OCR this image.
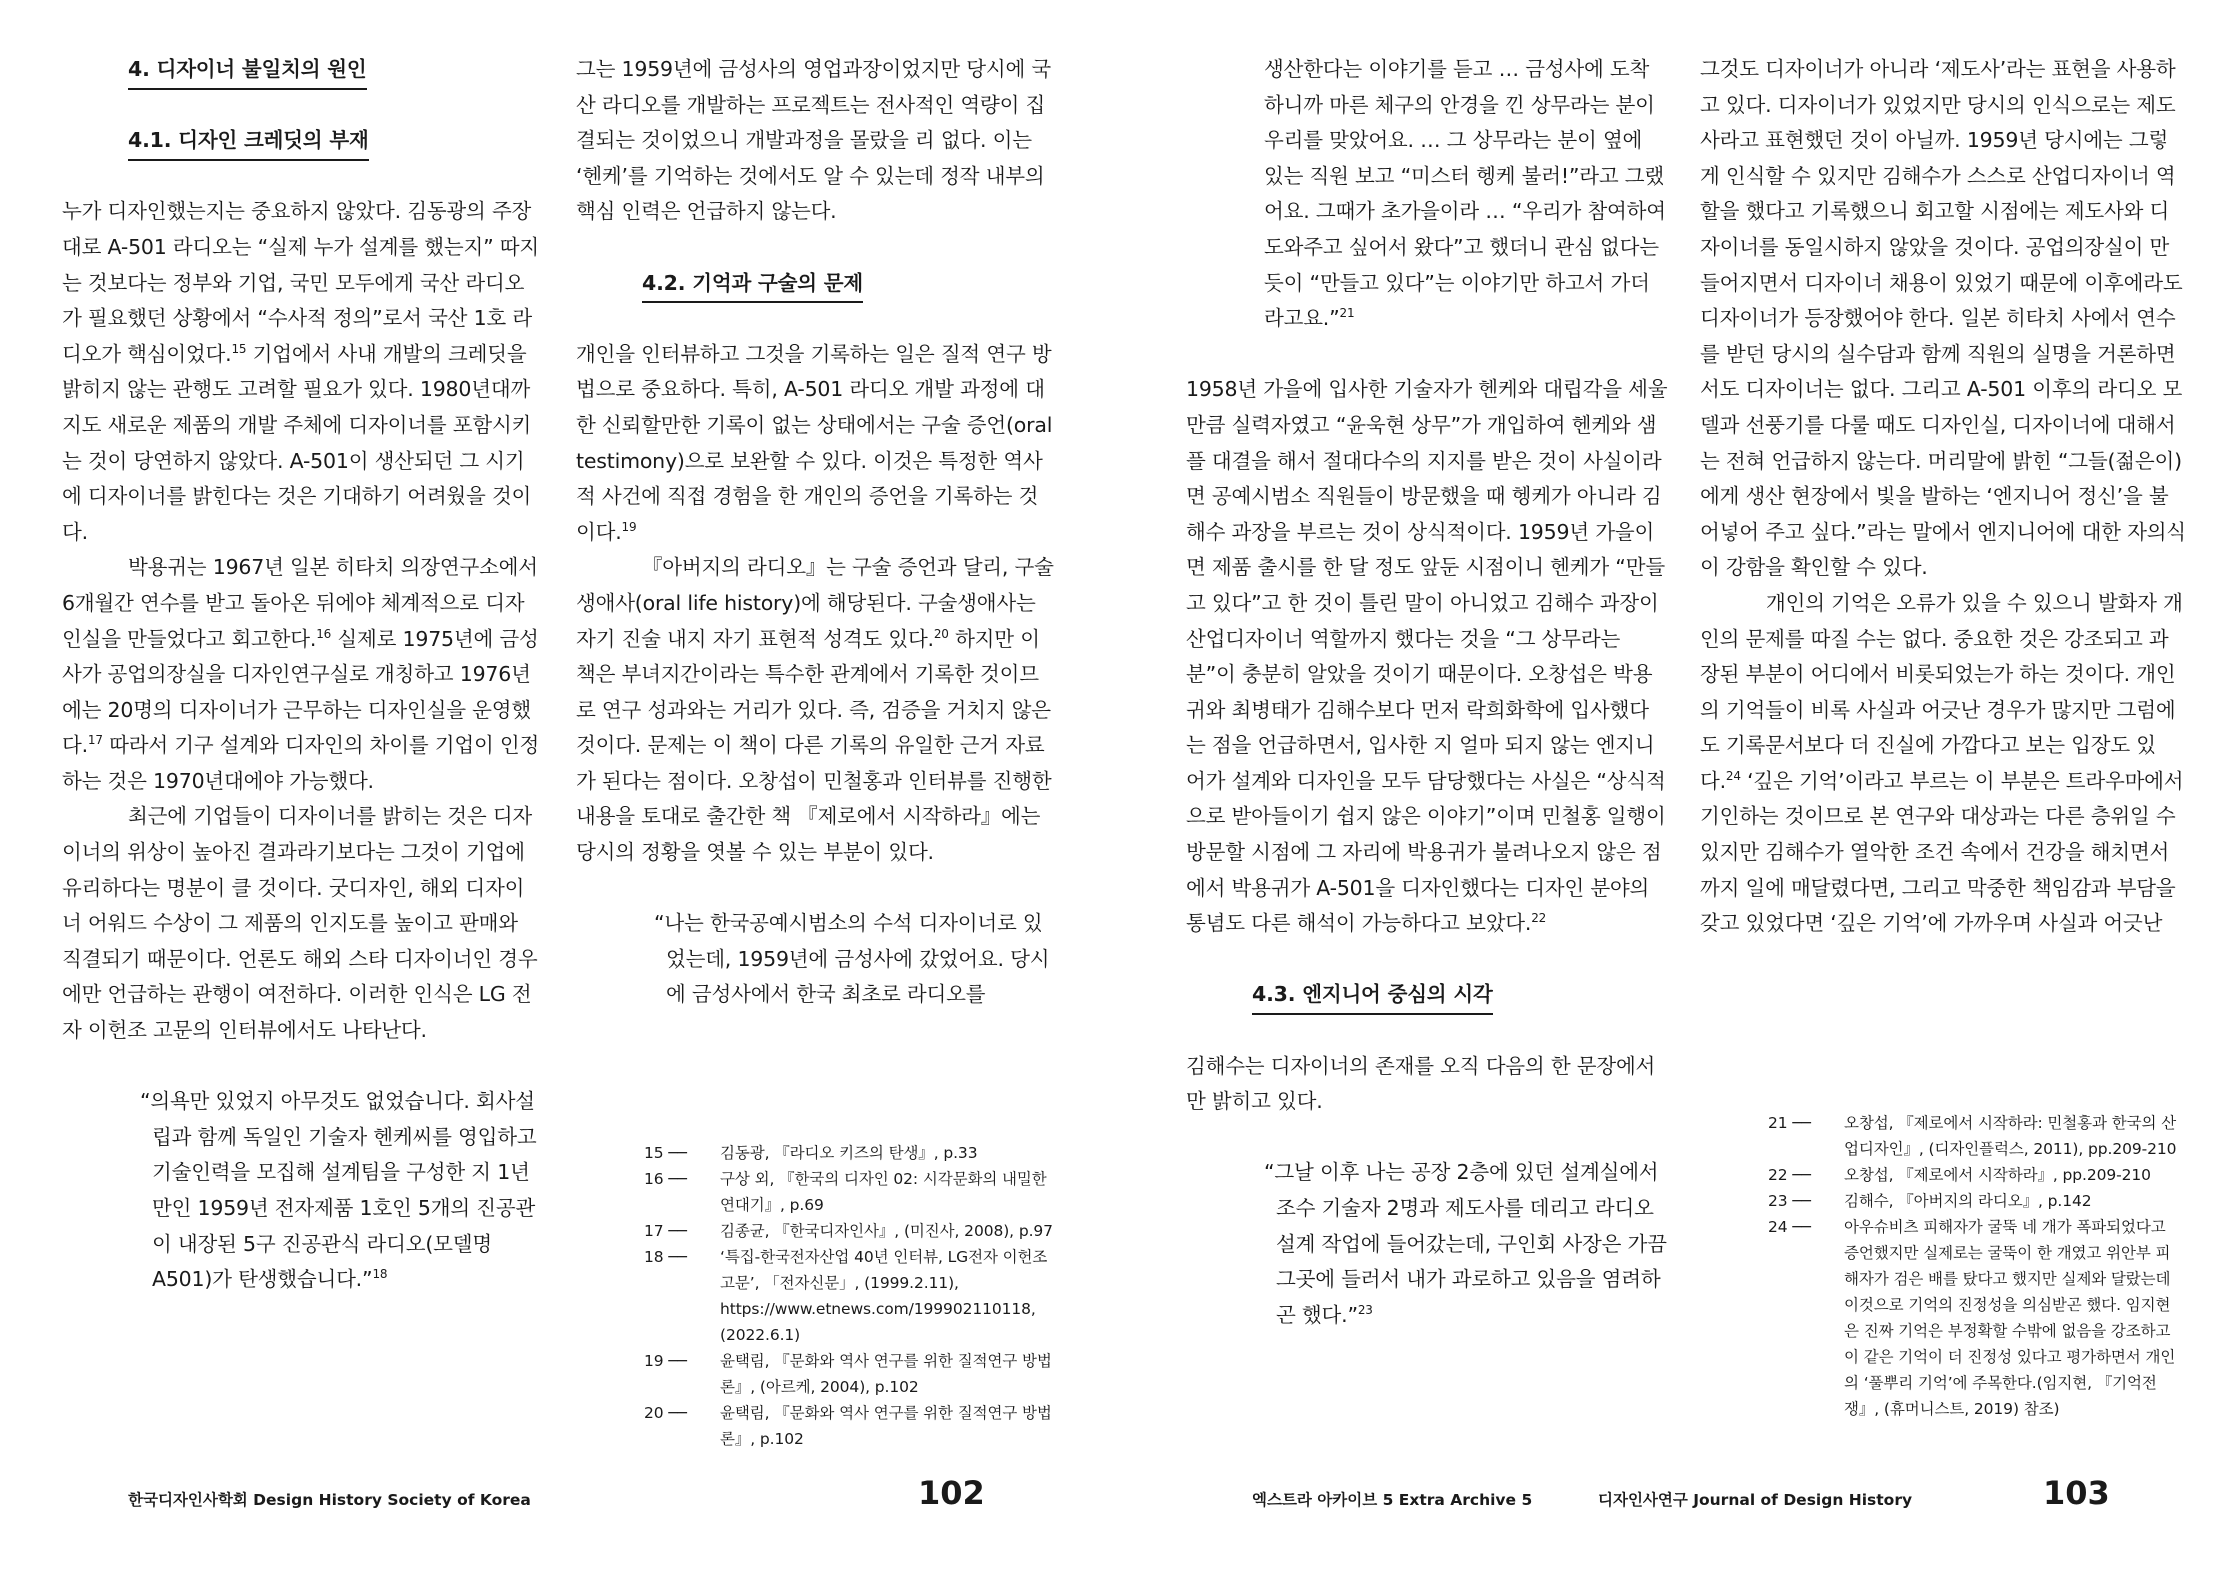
4. 디자이너 불일치의 원인
4.1. 디자인 크레딧의 부재

누가 디자인했는지는 중요하지 않았다. 김동광의 주장대로 A-501 라디오는 “실제 누가 설계를 했는지” 따지는 것보다는 정부와 기업, 국민 모두에게 국산 라디오가 필요했던 상황에서 “수사적 정의”로서 국산 1호 라디오가 핵심이었다.$^{15}$ 기업에서 사내 개발의 크레딧을 밝히지 않는 관행도 고려할 필요가 있다. 1980년대까지도 새로운 제품의 개발 주체에 디자이너를 포함시키는 것이 당연하지 않았다. A-501이 생산되던 그 시기에 디자이너를 밝힌다는 것은 기대하기 어려웠을 것이다.

박용귀는 1967년 일본 히타치 의장연구소에서 6개월간 연수를 받고 돌아온 뒤에야 체계적으로 디자인실을 만들었다고 회고한다.$^{16}$ 실제로 1975년에 금성사가 공업의장실을 디자인연구실로 개칭하고 1976년에는 20명의 디자이너가 근무하는 디자인실을 운영했다.$^{17}$ 따라서 기구 설계와 디자인의 차이를 기업이 인정하는 것은 1970년대에야 가능했다.

최근에 기업들이 디자이너를 밝히는 것은 디자이너의 위상이 높아진 결과라기보다는 그것이 기업에 유리하다는 명분이 클 것이다. 굿디자인, 해외 디자이너 어워드 수상이 그 제품의 인지도를 높이고 판매와 직결되기 때문이다. 언론도 해외 스타 디자이너인 경우에만 언급하는 관행이 여전하다. 이러한 인식은 LG 전자 이헌조 고문의 인터뷰에서도 나타난다.

“의욕만 있었지 아무것도 없었습니다. 회사설립과 함께 독일인 기술자 헨케씨를 영입하고 기술인력을 모집해 설계팀을 구성한 지 1년 만인 1959년 전자제품 1호인 5개의 진공관이 내장된 5구 진공관식 라디오(모델명 A501)가 탄생했습니다.”$^{18}$

그는 1959년에 금성사의 영업과장이었지만 당시에 국산 라디오를 개발하는 프로젝트는 전사적인 역량이 집결되는 것이었으니 개발과정을 몰랐을 리 없다. 이는 ‘헨케’를 기억하는 것에서도 알 수 있는데 정작 내부의 핵심 인력은 언급하지 않는다.

4.2. 기억과 구술의 문제

개인을 인터뷰하고 그것을 기록하는 일은 질적 연구 방법으로 중요하다. 특히, A-501 라디오 개발 과정에 대한 신뢰할만한 기록이 없는 상태에서는 구술 증언(oral testimony)으로 보완할 수 있다. 이것은 특정한 역사적 사건에 직접 경험을 한 개인의 증언을 기록하는 것이다.$^{19}$

『아버지의 라디오』는 구술 증언과 달리, 구술생애사(oral life history)에 해당된다. 구술생애사는 자기 진술 내지 자기 표현적 성격도 있다.$^{20}$ 하지만 이 책은 부녀지간이라는 특수한 관계에서 기록한 것이므로 연구 성과와는 거리가 있다. 즉, 검증을 거치지 않은 것이다. 문제는 이 책이 다른 기록의 유일한 근거 자료가 된다는 점이다. 오창섭이 민철홍과 인터뷰를 진행한 내용을 토대로 출간한 책 『제로에서 시작하라』에는 당시의 정황을 엿볼 수 있는 부분이 있다.

“나는 한국공예시범소의 수석 디자이너로 있었는데, 1959년에 금성사에 갔었어요. 당시에 금성사에서 한국 최초로 라디오를

15 ──	김동광, 『라디오 키즈의 탄생』, p.33
16 ──	구상 외, 『한국의 디자인 02: 시각문화의 내밀한 연대기』, p.69
17 ──	김종균, 『한국디자인사』, (미진사, 2008), p.97
18 ──	‘특집-한국전자산업 40년 인터뷰, LG전자 이헌조 고문’, 「전자신문」, (1999.2.11), https://www.etnews.com/199902110118, (2022.6.1)
19 ──	윤택림, 『문화와 역사 연구를 위한 질적연구 방법론』, (아르케, 2004), p.102
20 ──	윤택림, 『문화와 역사 연구를 위한 질적연구 방법론』, p.102

생산한다는 이야기를 듣고 … 금성사에 도착하니까 마른 체구의 안경을 낀 상무라는 분이 우리를 맞았어요. … 그 상무라는 분이 옆에 있는 직원 보고 “미스터 헹케 불러!”라고 그랬어요. 그때가 초가을이라 … “우리가 참여하여 도와주고 싶어서 왔다”고 했더니 관심 없다는 듯이 “만들고 있다”는 이야기만 하고서 가더라고요.”$^{21}$

1958년 가을에 입사한 기술자가 헨케와 대립각을 세울 만큼 실력자였고 “윤욱현 상무”가 개입하여 헨케와 샘플 대결을 해서 절대다수의 지지를 받은 것이 사실이라면 공예시범소 직원들이 방문했을 때 헹케가 아니라 김해수 과장을 부르는 것이 상식적이다. 1959년 가을이면 제품 출시를 한 달 정도 앞둔 시점이니 헨케가 “만들고 있다”고 한 것이 틀린 말이 아니었고 김해수 과장이 산업디자이너 역할까지 했다는 것을 “그 상무라는 분”이 충분히 알았을 것이기 때문이다. 오창섭은 박용귀와 최병태가 김해수보다 먼저 락희화학에 입사했다는 점을 언급하면서, 입사한 지 얼마 되지 않는 엔지니어가 설계와 디자인을 모두 담당했다는 사실은 “상식적으로 받아들이기 쉽지 않은 이야기”이며 민철홍 일행이 방문할 시점에 그 자리에 박용귀가 불려나오지 않은 점에서 박용귀가 A-501을 디자인했다는 디자인 분야의 통념도 다른 해석이 가능하다고 보았다.$^{22}$

4.3. 엔지니어 중심의 시각

김해수는 디자이너의 존재를 오직 다음의 한 문장에서만 밝히고 있다.

“그날 이후 나는 공장 2층에 있던 설계실에서 조수 기술자 2명과 제도사를 데리고 라디오 설계 작업에 들어갔는데, 구인회 사장은 가끔 그곳에 들러서 내가 과로하고 있음을 염려하곤 했다.”$^{23}$

그것도 디자이너가 아니라 ‘제도사’라는 표현을 사용하고 있다. 디자이너가 있었지만 당시의 인식으로는 제도사라고 표현했던 것이 아닐까. 1959년 당시에는 그렇게 인식할 수 있지만 김해수가 스스로 산업디자이너 역할을 했다고 기록했으니 회고할 시점에는 제도사와 디자이너를 동일시하지 않았을 것이다. 공업의장실이 만들어지면서 디자이너 채용이 있었기 때문에 이후에라도 디자이너가 등장했어야 한다. 일본 히타치 사에서 연수를 받던 당시의 실수담과 함께 직원의 실명을 거론하면서도 디자이너는 없다. 그리고 A-501 이후의 라디오 모델과 선풍기를 다룰 때도 디자인실, 디자이너에 대해서는 전혀 언급하지 않는다. 머리말에 밝힌 “그들(젊은이)에게 생산 현장에서 빛을 발하는 ‘엔지니어 정신’을 불어넣어 주고 싶다.”라는 말에서 엔지니어에 대한 자의식이 강함을 확인할 수 있다.

개인의 기억은 오류가 있을 수 있으니 발화자 개인의 문제를 따질 수는 없다. 중요한 것은 강조되고 과장된 부분이 어디에서 비롯되었는가 하는 것이다. 개인의 기억들이 비록 사실과 어긋난 경우가 많지만 그럼에도 기록문서보다 더 진실에 가깝다고 보는 입장도 있다.$^{24}$ ‘깊은 기억’이라고 부르는 이 부분은 트라우마에서 기인하는 것이므로 본 연구와 대상과는 다른 층위일 수 있지만 김해수가 열악한 조건 속에서 건강을 해치면서까지 일에 매달렸다면, 그리고 막중한 책임감과 부담을 갖고 있었다면 ‘깊은 기억’에 가까우며 사실과 어긋난

21 ──	오창섭, 『제로에서 시작하라: 민철홍과 한국의 산업디자인』, (디자인플럭스, 2011), pp.209-210
22 ──	오창섭, 『제로에서 시작하라』, pp.209-210
23 ──	김해수, 『아버지의 라디오』, p.142
24 ──	아우슈비츠 피해자가 굴뚝 네 개가 폭파되었다고 증언했지만 실제로는 굴뚝이 한 개였고 위안부 피해자가 검은 배를 탔다고 했지만 실제와 달랐는데 이것으로 기억의 진정성을 의심받곤 했다. 임지현은 진짜 기억은 부정확할 수밖에 없음을 강조하고 이 같은 기억이 더 진정성 있다고 평가하면서 개인의 ‘풀뿌리 기억’에 주목한다.(임지현, 『기억전쟁』, (휴머니스트, 2019) 참조)
한국디자인사학회 Design History Society of Korea	102	엑스트라 아카이브 5 Extra Archive 5	디자인사연구 Journal of Design History	103
